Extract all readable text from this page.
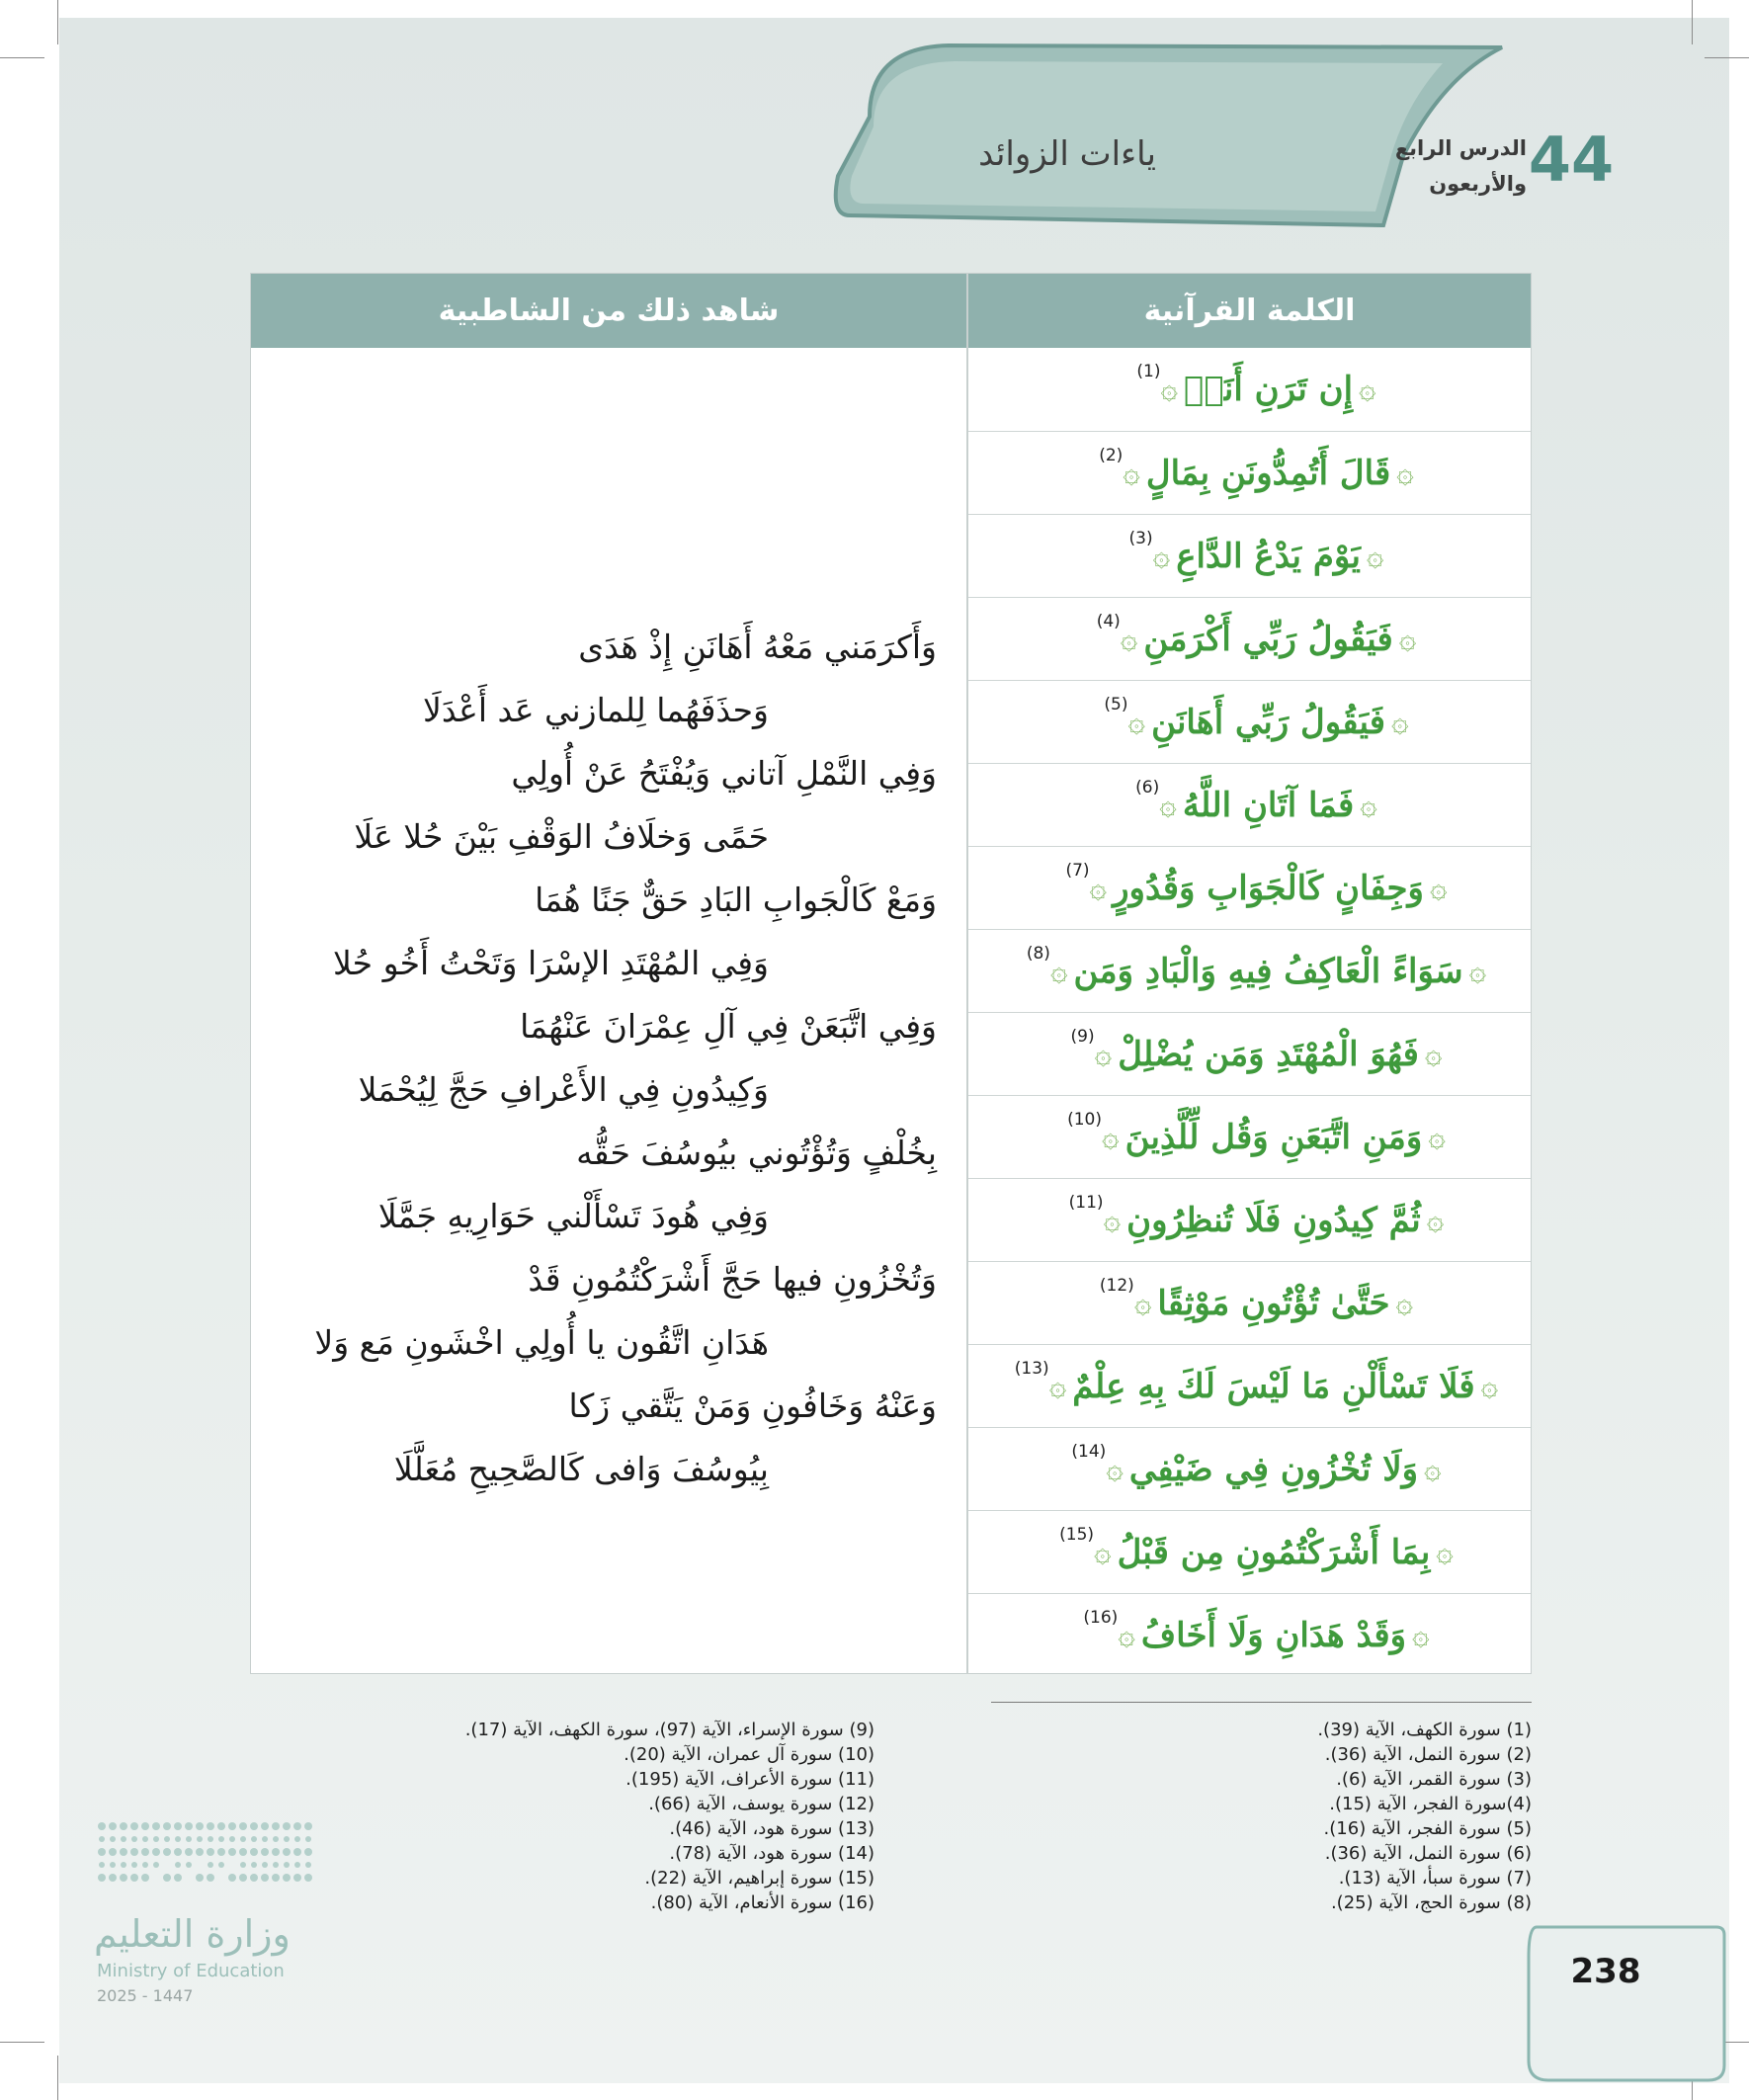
ياءات الزوائد	44
الدرس الرابع
والأربعون
شاهد ذلك من الشاطبية	الكلمة القرآنية
۞
إِن تَرَنِ أَنَا۠
۞
(1)
۞
قَالَ أَتُمِدُّونَنِ بِمَالٍ
۞
(2)
۞
يَوْمَ يَدْعُ الدَّاعِ
۞
(3)
۞
فَيَقُولُ رَبِّي أَكْرَمَنِ
۞
(4)
۞
فَيَقُولُ رَبِّي أَهَانَنِ
۞
(5)
۞
فَمَا آتَانِ اللَّهُ
۞
(6)
۞
وَجِفَانٍ كَالْجَوَابِ وَقُدُورٍ
۞
(7)
۞
سَوَاءً الْعَاكِفُ فِيهِ وَالْبَادِ وَمَن
۞
(8)
۞
فَهُوَ الْمُهْتَدِ وَمَن يُضْلِلْ
۞
(9)
۞
وَمَنِ اتَّبَعَنِ وَقُل لِّلَّذِينَ
۞
(10)
۞
ثُمَّ كِيدُونِ فَلَا تُنظِرُونِ
۞
(11)
۞
حَتَّىٰ تُؤْتُونِ مَوْثِقًا
۞
(12)
۞
فَلَا تَسْأَلْنِ مَا لَيْسَ لَكَ بِهِ عِلْمٌ
۞
(13)
۞
وَلَا تُخْزُونِ فِي ضَيْفِي
۞
(14)
۞
بِمَا أَشْرَكْتُمُونِ مِن قَبْلُ
۞
(15)
۞
وَقَدْ هَدَانِ وَلَا أَخَافُ
۞
(16)
وَأَكرَمَني مَعْهُ أَهَانَنِ إِذْ هَدَى
وَحذَفَهُما لِلمازني عَد أَعْدَلَا
وَفِي النَّمْلِ آتاني وَيُفْتَحُ عَنْ أُولِي
حَمًى وَخلَافُ الوَقْفِ بَيْنَ حُلا عَلَا
وَمَعْ كَالْجَوابِ البَادِ حَقٌّ جَنًا هُمَا
وَفِي المُهْتَدِ الإسْرَا وَتَحْتُ أَخُو حُلا
وَفِي اتَّبَعَنْ فِي آلِ عِمْرَانَ عَنْهُمَا
وَكِيدُونِ فِي الأَعْرافِ حَجَّ لِيُحْمَلا
بِخُلْفٍ وَتُؤْتُوني بيُوسُفَ حَقُّه
وَفِي هُودَ تَسْأَلْني حَوَارِيهِ جَمَّلَا
وَتُخْزُونِ فيها حَجَّ أَشْرَكْتُمُونِ قَدْ
هَدَانِ اتَّقُون يا أُولِي اخْشَونِ مَع وَلا
وَعَنْهُ وَخَافُونِ وَمَنْ يَتَّقي زَكا
بِيُوسُفَ وَافى كَالصَّحِيحِ مُعَلَّلَا
(1) سورة الكهف، الآية (39).
(2) سورة النمل، الآية (36).
(3) سورة القمر، الآية (6).
(4)سورة الفجر، الآية (15).
(5) سورة الفجر، الآية (16).
(6) سورة النمل، الآية (36).
(7) سورة سبأ، الآية (13).
(8) سورة الحج، الآية (25).
(9) سورة الإسراء، الآية (97)، سورة الكهف، الآية (17).
(10) سورة آل عمران، الآية (20).
(11) سورة الأعراف، الآية (195).
(12) سورة يوسف، الآية (66).
(13) سورة هود، الآية (46).
(14) سورة هود، الآية (78).
(15) سورة إبراهيم، الآية (22).
(16) سورة الأنعام، الآية (80).
وزارة التعليم
Ministry of Education
2025 - 1447
238
